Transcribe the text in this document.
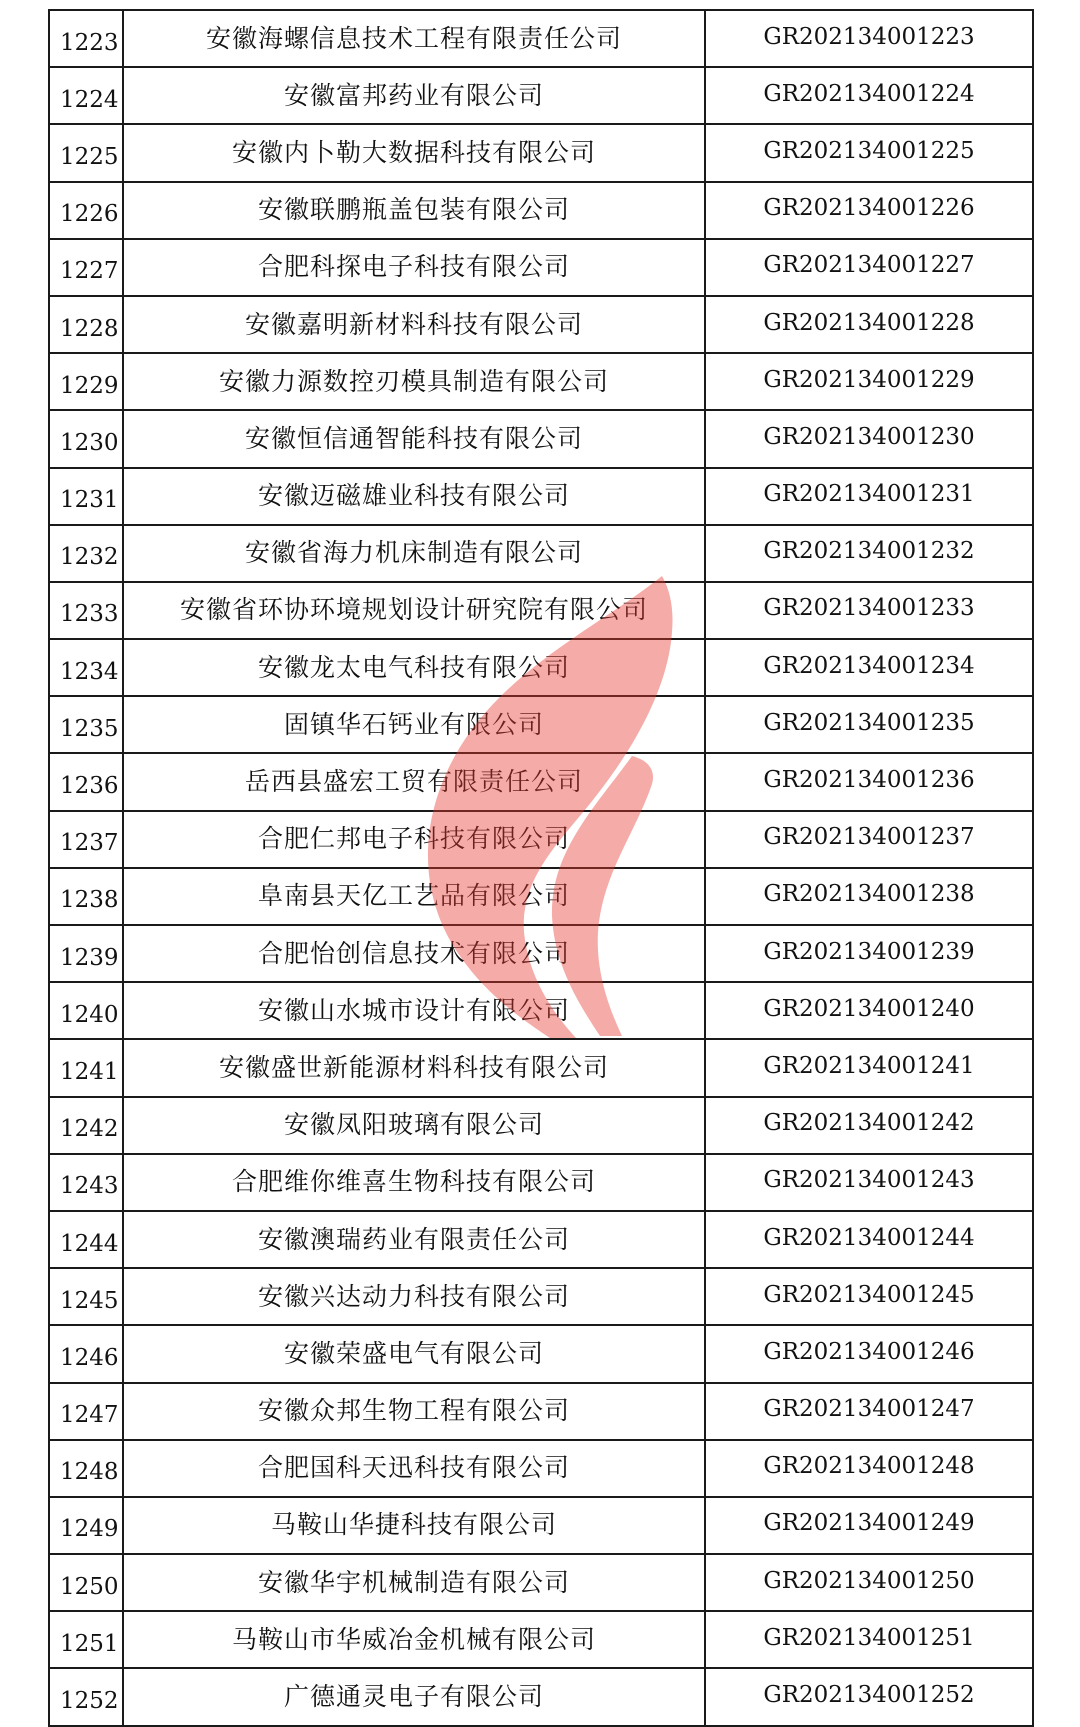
1223	安徽海螺信息技术工程有限责任公司	GR202134001223
1224	安徽富邦药业有限公司	GR202134001224
1225	安徽内卜勒大数据科技有限公司	GR202134001225
1226	安徽联鹏瓶盖包装有限公司	GR202134001226
1227	合肥科探电子科技有限公司	GR202134001227
1228	安徽嘉明新材料科技有限公司	GR202134001228
1229	安徽力源数控刃模具制造有限公司	GR202134001229
1230	安徽恒信通智能科技有限公司	GR202134001230
1231	安徽迈磁雄业科技有限公司	GR202134001231
1232	安徽省海力机床制造有限公司	GR202134001232
1233	安徽省环协环境规划设计研究院有限公司	GR202134001233
1234	安徽龙太电气科技有限公司	GR202134001234
1235	固镇华石钙业有限公司	GR202134001235
1236	岳西县盛宏工贸有限责任公司	GR202134001236
1237	合肥仁邦电子科技有限公司	GR202134001237
1238	阜南县天亿工艺品有限公司	GR202134001238
1239	合肥怡创信息技术有限公司	GR202134001239
1240	安徽山水城市设计有限公司	GR202134001240
1241	安徽盛世新能源材料科技有限公司	GR202134001241
1242	安徽凤阳玻璃有限公司	GR202134001242
1243	合肥维你维喜生物科技有限公司	GR202134001243
1244	安徽澳瑞药业有限责任公司	GR202134001244
1245	安徽兴达动力科技有限公司	GR202134001245
1246	安徽荣盛电气有限公司	GR202134001246
1247	安徽众邦生物工程有限公司	GR202134001247
1248	合肥国科天迅科技有限公司	GR202134001248
1249	马鞍山华捷科技有限公司	GR202134001249
1250	安徽华宇机械制造有限公司	GR202134001250
1251	马鞍山市华威冶金机械有限公司	GR202134001251
1252	广德通灵电子有限公司	GR202134001252
